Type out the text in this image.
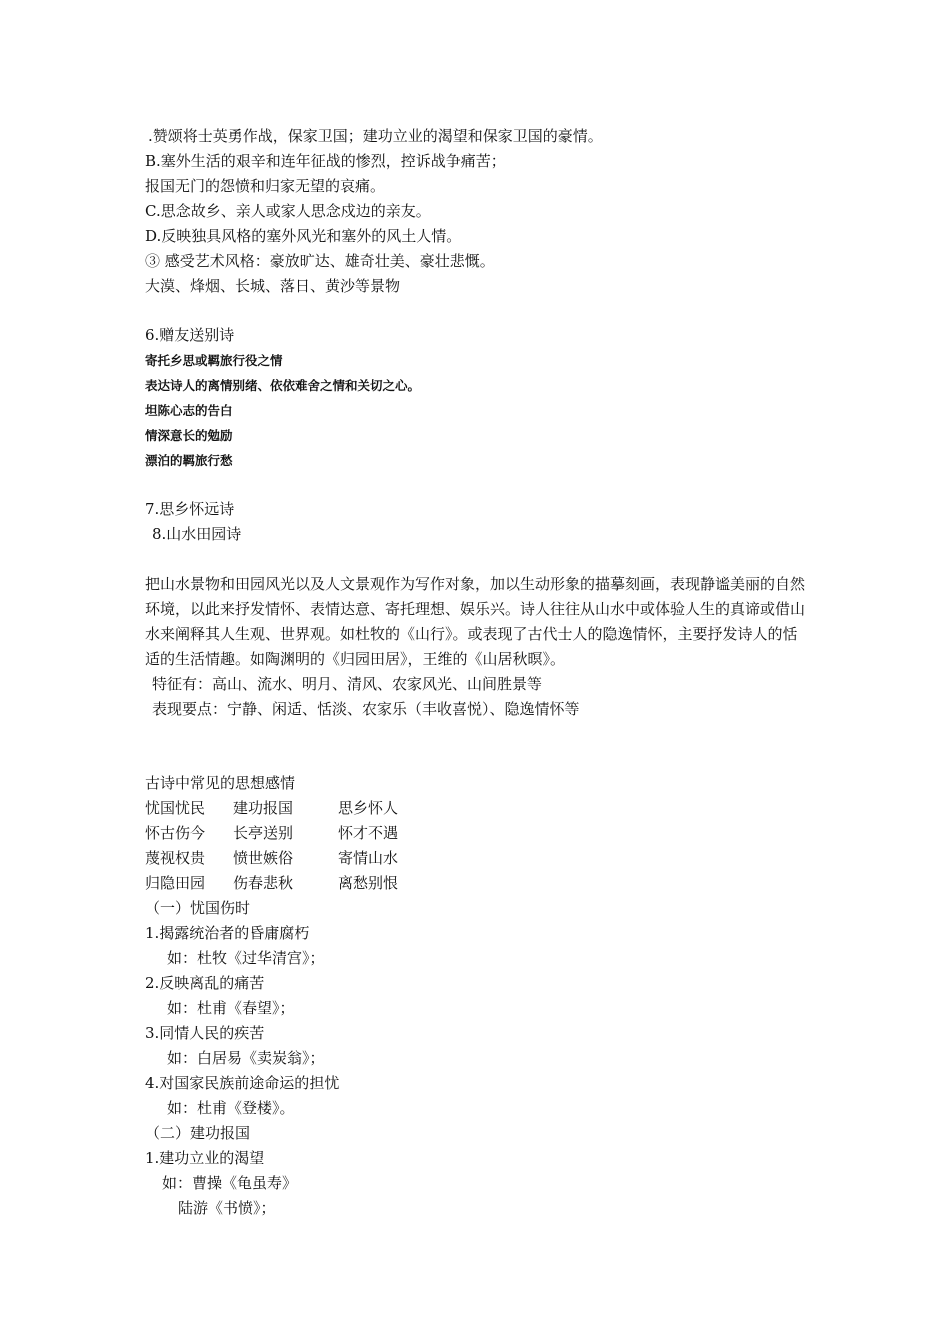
.赞颂将士英勇作战，保家卫国；建功立业的渴望和保家卫国的豪情。
B.塞外生活的艰辛和连年征战的惨烈，控诉战争痛苦；
报国无门的怨愤和归家无望的哀痛。
C.思念故乡、亲人或家人思念戍边的亲友。
D.反映独具风格的塞外风光和塞外的风土人情。
③ 感受艺术风格：豪放旷达、雄奇壮美、豪壮悲慨。
大漠、烽烟、长城、落日、黄沙等景物
6.赠友送别诗
寄托乡思或羁旅行役之情
表达诗人的离情别绪、依依难舍之情和关切之心。
坦陈心志的告白
情深意长的勉励
漂泊的羁旅行愁
7.思乡怀远诗
8.山水田园诗
把山水景物和田园风光以及人文景观作为写作对象，加以生动形象的描摹刻画，表现静谧美丽的自然环境，以此来抒发情怀、表情达意、寄托理想、娱乐兴。诗人往往从山水中或体验人生的真谛或借山水来阐释其人生观、世界观。如杜牧的《山行》。或表现了古代士人的隐逸情怀，主要抒发诗人的恬适的生活情趣。如陶渊明的《归园田居》，王维的《山居秋暝》。
特征有：高山、流水、明月、清风、农家风光、山间胜景等
表现要点：宁静、闲适、恬淡、农家乐（丰收喜悦）、隐逸情怀等
古诗中常见的思想感情
忧国忧民 建功报国	思乡怀人
怀古伤今 长亭送别	怀才不遇
蔑视权贵 愤世嫉俗	寄情山水
归隐田园 伤春悲秋	离愁别恨
（一）忧国伤时
1.揭露统治者的昏庸腐朽
如：杜牧《过华清宫》；
2.反映离乱的痛苦
如：杜甫《春望》；
3.同情人民的疾苦
如：白居易《卖炭翁》；
4.对国家民族前途命运的担忧
如：杜甫《登楼》。
（二）建功报国
1.建功立业的渴望
如：曹操《龟虽寿》
陆游《书愤》；
